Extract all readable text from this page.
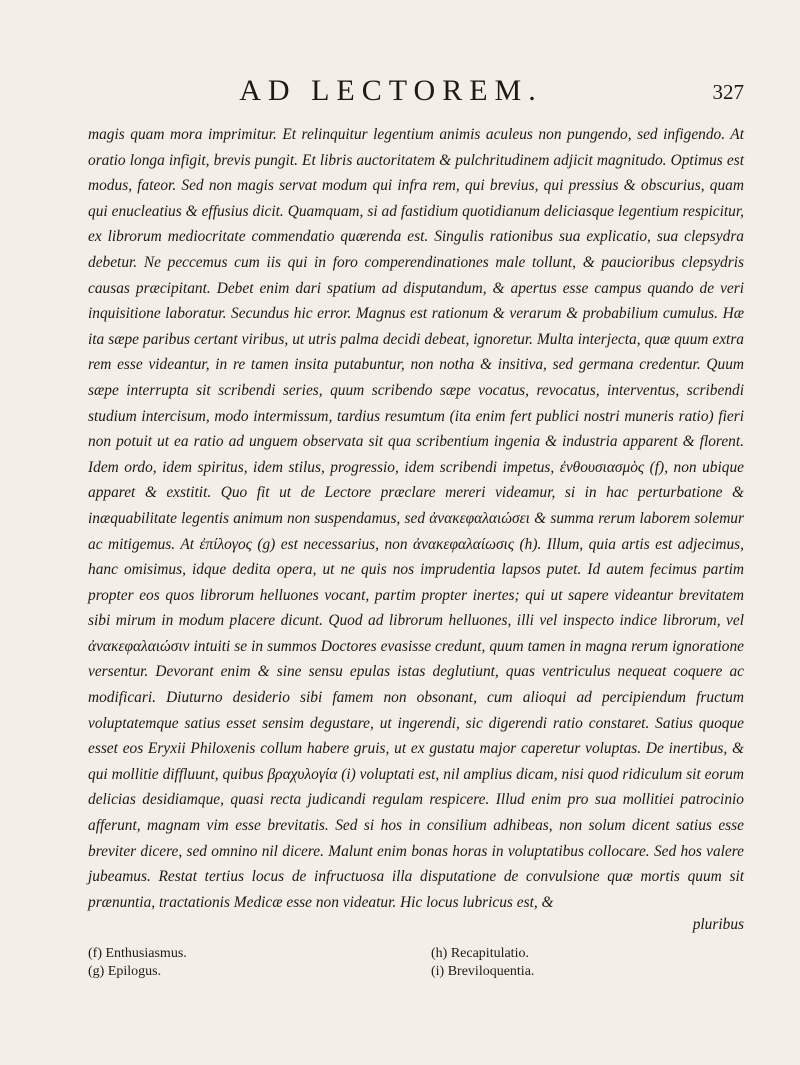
AD LECTOREM.	327
magis quam mora imprimitur. Et relinquitur legentium animis aculeus non pungendo, sed infigendo. At oratio longa infigit, brevis pungit. Et libris auctoritatem & pulchritudinem adjicit magnitudo. Optimus est modus, fateor. Sed non magis servat modum qui infra rem, qui brevius, qui pressius & obscurius, quam qui enucleatius & effusius dicit. Quamquam, si ad fastidium quotidianum deliciasque legentium respicitur, ex librorum mediocritate commendatio quærenda est. Singulis rationibus sua explicatio, sua clepsydra debetur. Ne peccemus cum iis qui in foro comperendinationes male tollunt, & paucioribus clepsydris causas præcipitant. Debet enim dari spatium ad disputandum, & apertus esse campus quando de veri inquisitione laboratur. Secundus hic error. Magnus est rationum & verarum & probabilium cumulus. Hæ ita sæpe paribus certant viribus, ut utris palma decidi debeat, ignoretur. Multa interjecta, quæ quum extra rem esse videantur, in re tamen insita putabuntur, non notha & insitiva, sed germana credentur. Quum sæpe interrupta sit scribendi series, quum scribendo sæpe vocatus, revocatus, interventus, scribendi studium intercisum, modo intermissum, tardius resumtum (ita enim fert publici nostri muneris ratio) fieri non potuit ut ea ratio ad unguem observata sit qua scribentium ingenia & industria apparent & florent. Idem ordo, idem spiritus, idem stilus, progressio, idem scribendi impetus, ἐνθουσιασμὸς (f), non ubique apparet & exstitit. Quo fit ut de Lectore præclare mereri videamur, si in hac perturbatione & inæquabilitate legentis animum non suspendamus, sed ἀνακεφαλαιώσει & summa rerum laborem solemur ac mitigemus. At ἐπίλογος (g) est necessarius, non ἀνακεφαλαίωσις (h). Illum, quia artis est adjecimus, hanc omisimus, idque dedita opera, ut ne quis nos imprudentia lapsos putet. Id autem fecimus partim propter eos quos librorum helluones vocant, partim propter inertes; qui ut sapere videantur brevitatem sibi mirum in modum placere dicunt. Quod ad librorum helluones, illi vel inspecto indice librorum, vel ἀνακεφαλαιώσιν intuiti se in summos Doctores evasisse credunt, quum tamen in magna rerum ignoratione versentur. Devorant enim & sine sensu epulas istas deglutiunt, quas ventriculus nequeat coquere ac modificari. Diuturno desiderio sibi famem non obsonant, cum alioqui ad percipiendum fructum voluptatemque satius esset sensim degustare, ut ingerendi, sic digerendi ratio constaret. Satius quoque esset eos Eryxii Philoxenis collum habere gruis, ut ex gustatu major caperetur voluptas. De inertibus, & qui mollitie diffluunt, quibus βραχυλογία (i) voluptati est, nil amplius dicam, nisi quod ridiculum sit eorum delicias desidiamque, quasi recta judicandi regulam respicere. Illud enim pro sua mollitiei patrocinio afferunt, magnam vim esse brevitatis. Sed si hos in consilium adhibeas, non solum dicent satius esse breviter dicere, sed omnino nil dicere. Malunt enim bonas horas in voluptatibus collocare. Sed hos valere jubeamus. Restat tertius locus de infructuosa illa disputatione de convulsione quæ mortis quum sit prænuntia, tractationis Medicæ esse non videatur. Hic locus lubricus est, &
pluribus
(f) Enthusiasmus.
(g) Epilogus.
(h) Recapitulatio.
(i) Breviloquentia.
